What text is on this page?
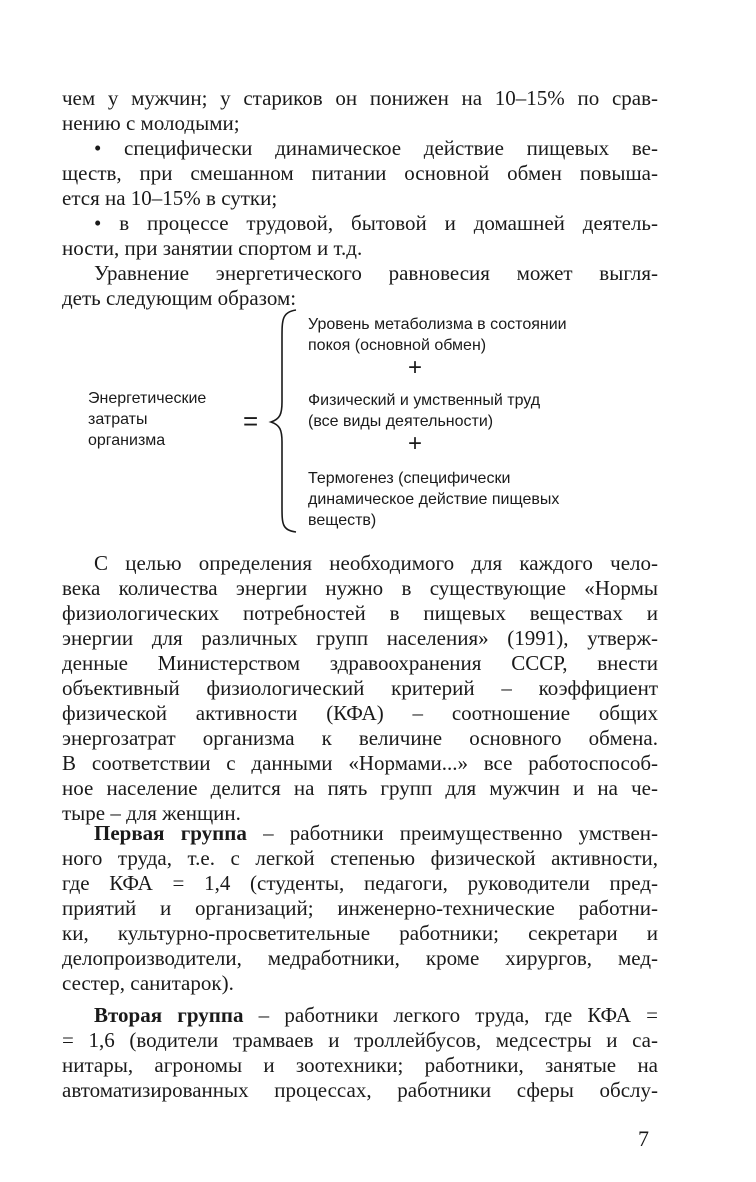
чем у мужчин; у стариков он понижен на 10–15% по срав-
нению с молодыми;
• специфически динамическое действие пищевых ве-
ществ, при смешанном питании основной обмен повыша-
ется на 10–15% в сутки;
• в процессе трудовой, бытовой и домашней деятель-
ности, при занятии спортом и т.д.
Уравнение энергетического равновесия может выгля-
деть следующим образом:
Энергетические
затраты
организма
=
Уровень метаболизма в состоянии
покоя (основной обмен)
+
Физический и умственный труд
(все виды деятельности)
+
Термогенез (специфически
динамическое действие пищевых
веществ)
С целью определения необходимого для каждого чело-
века количества энергии нужно в существующие «Нормы
физиологических потребностей в пищевых веществах и
энергии для различных групп населения» (1991), утверж-
денные Министерством здравоохранения СССР, внести
объективный физиологический критерий – коэффициент
физической активности (КФА) – соотношение общих
энергозатрат организма к величине основного обмена.
В соответствии с данными «Нормами...» все работоспособ-
ное население делится на пять групп для мужчин и на че-
тыре – для женщин.
Первая группа – работники преимущественно умствен-
ного труда, т.е. с легкой степенью физической активности,
где КФА = 1,4 (студенты, педагоги, руководители пред-
приятий и организаций; инженерно-технические работни-
ки, культурно-просветительные работники; секретари и
делопроизводители, медработники, кроме хирургов, мед-
сестер, санитарок).
Вторая группа – работники легкого труда, где КФА =
= 1,6 (водители трамваев и троллейбусов, медсестры и са-
нитары, агрономы и зоотехники; работники, занятые на
автоматизированных процессах, работники сферы обслу-
7
